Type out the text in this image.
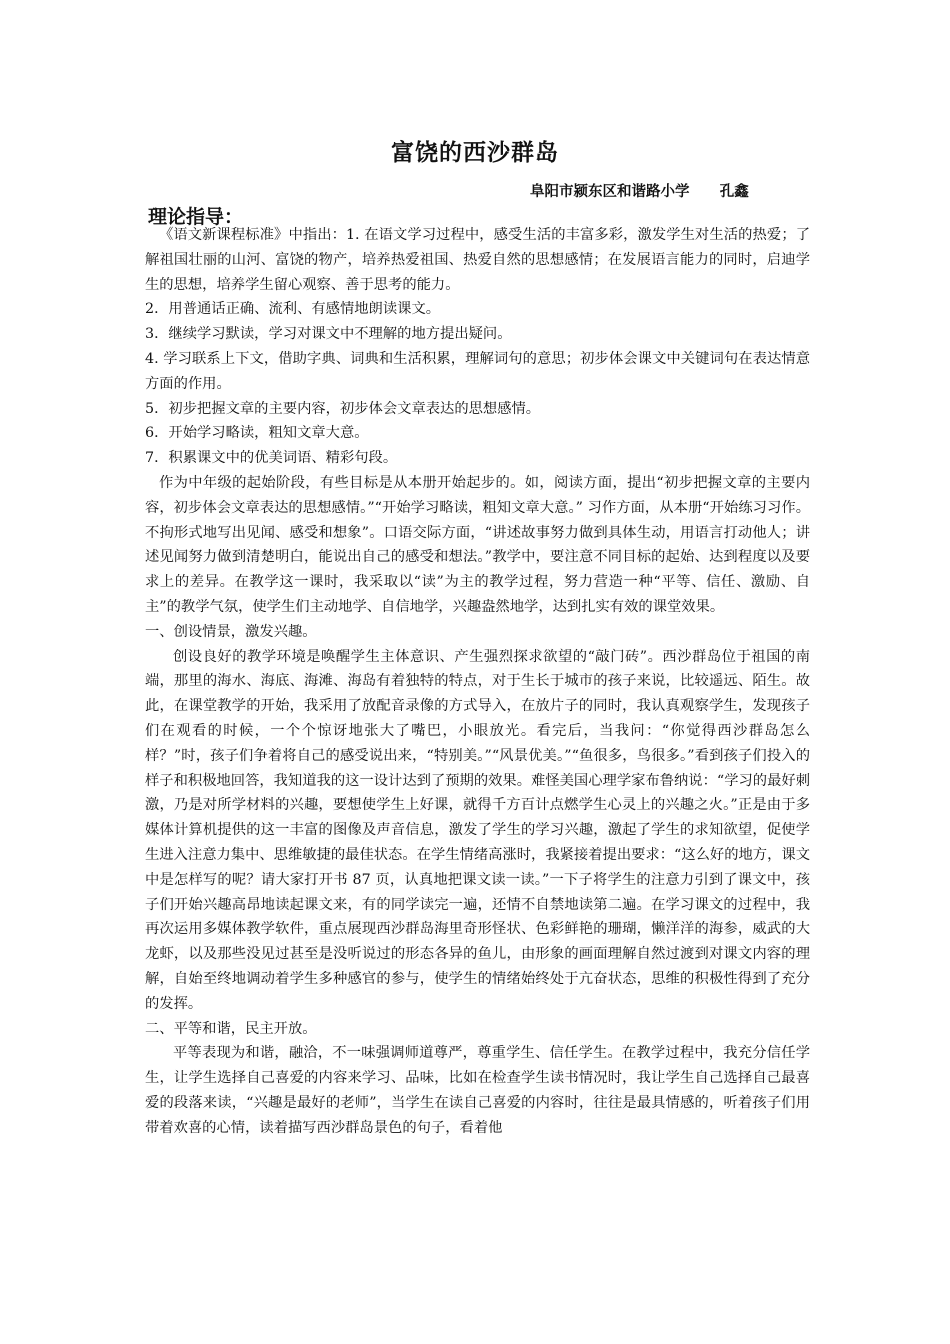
富饶的西沙群岛
阜阳市颍东区和谐路小学      孔鑫
理论指导：

《语文新课程标准》中指出：1. 在语文学习过程中，感受生活的丰富多彩，激发学生对生活的热爱；了解祖国壮丽的山河、富饶的物产，培养热爱祖国、热爱自然的思想感情；在发展语言能力的同时，启迪学生的思想，培养学生留心观察、善于思考的能力。

2．用普通话正确、流利、有感情地朗读课文。

3．继续学习默读，学习对课文中不理解的地方提出疑问。

4. 学习联系上下文，借助字典、词典和生活积累，理解词句的意思；初步体会课文中关键词句在表达情意方面的作用。

5．初步把握文章的主要内容，初步体会文章表达的思想感情。

6．开始学习略读，粗知文章大意。

7．积累课文中的优美词语、精彩句段。

作为中年级的起始阶段，有些目标是从本册开始起步的。如，阅读方面，提出“初步把握文章的主要内容，初步体会文章表达的思想感情。”“开始学习略读，粗知文章大意。” 习作方面，从本册“开始练习习作。不拘形式地写出见闻、感受和想象”。口语交际方面，“讲述故事努力做到具体生动，用语言打动他人；讲述见闻努力做到清楚明白，能说出自己的感受和想法。”教学中，要注意不同目标的起始、达到程度以及要求上的差异。在教学这一课时，我采取以“读”为主的教学过程，努力营造一种“平等、信任、激励、自主”的教学气氛，使学生们主动地学、自信地学，兴趣盎然地学，达到扎实有效的课堂效果。

一、创设情景，激发兴趣。

创设良好的教学环境是唤醒学生主体意识、产生强烈探求欲望的“敲门砖”。西沙群岛位于祖国的南端，那里的海水、海底、海滩、海岛有着独特的特点，对于生长于城市的孩子来说，比较遥远、陌生。故此，在课堂教学的开始，我采用了放配音录像的方式导入，在放片子的同时，我认真观察学生，发现孩子们在观看的时候，一个个惊讶地张大了嘴巴，小眼放光。看完后，当我问：“你觉得西沙群岛怎么样？”时，孩子们争着将自己的感受说出来，“特别美。”“风景优美。”“鱼很多，鸟很多。”看到孩子们投入的样子和积极地回答，我知道我的这一设计达到了预期的效果。难怪美国心理学家布鲁纳说：“学习的最好刺激，乃是对所学材料的兴趣，要想使学生上好课，就得千方百计点燃学生心灵上的兴趣之火。”正是由于多媒体计算机提供的这一丰富的图像及声音信息，激发了学生的学习兴趣，激起了学生的求知欲望，促使学生进入注意力集中、思维敏捷的最佳状态。在学生情绪高涨时，我紧接着提出要求：“这么好的地方，课文中是怎样写的呢？请大家打开书 87 页，认真地把课文读一读。”一下子将学生的注意力引到了课文中，孩子们开始兴趣高昂地读起课文来，有的同学读完一遍，还情不自禁地读第二遍。在学习课文的过程中，我再次运用多媒体教学软件，重点展现西沙群岛海里奇形怪状、色彩鲜艳的珊瑚，懒洋洋的海参，威武的大龙虾，以及那些没见过甚至是没听说过的形态各异的鱼儿，由形象的画面理解自然过渡到对课文内容的理解，自始至终地调动着学生多种感官的参与，使学生的情绪始终处于亢奋状态，思维的积极性得到了充分的发挥。

二、平等和谐，民主开放。

平等表现为和谐，融洽，不一味强调师道尊严，尊重学生、信任学生。在教学过程中，我充分信任学生，让学生选择自己喜爱的内容来学习、品味，比如在检查学生读书情况时，我让学生自己选择自己最喜爱的段落来读，“兴趣是最好的老师”，当学生在读自己喜爱的内容时，往往是最具情感的，听着孩子们用带着欢喜的心情，读着描写西沙群岛景色的句子，看着他
